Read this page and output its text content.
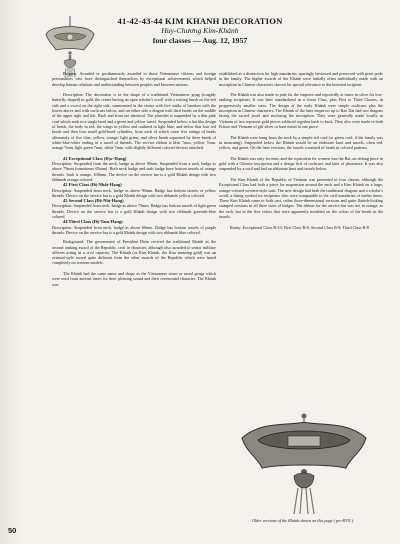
41-42-43-44 KIM KHANH DECORATION
Huy-Chương Kim-Khánh
four classes — Aug. 12, 1957

Purpose: Awarded or posthumously awarded to those Vietnamese citizens and foreign personalities who have distinguished themselves by exceptional achievements which helped develop human relations and understanding between peoples and between nations.

Description: The decoration is in the shape of a traditional Vietnamese gong (roughly butterfly shaped) in gold, the center having an open scholar's scroll with a writing brush on the left side and a sword on the right side, surmounted in the center with five stalks of bamboo with the leaves above and with curlicues below, and on either side a dragon with their heads on the middle of the upper right and left. Back and front are identical. The planchet is suspended by a thin pink cord which ends in a single bead and a green and yellow tassel. Suspended below, a hat like design of beads, the body in red, the wings in yellow and outlined in light blue, and below that four red beads and then four small gold-lined cylinders, from each of which come five strings of beads alternately of five blue, yellow, orange, light green, and silver beads separated by three beads of white-blue-white ending in a tassel of threads. The service ribbon is blue 7mm, yellow 7mm, orange 7mm, light green 7mm, white 7mm, with slightly different colored devices attached.

41 Exceptional Class (Đặc-Hạng)

Description: Suspended from the neck, badge as above 90mm. Suspended from a sash, badge as above 75mm (sometimes 65mm). Both neck badge and sash badge have bottom tassels of orange threads. Sash is orange, 100mm. The device on the service bar is a gold Khánh design with two ribbands orange colored.

42 First Class (Đệ-Nhất-Hạng)

Description: Suspended from neck, badge as above 90mm. Badge has bottom tassels of yellow threads. Device on the service bar is a gold Khánh design with two ribbands yellow colored.

43 Second Class (Đệ-Nhị-Hạng)

Description: Suspended from neck, badge as above 75mm. Badge has bottom tassels of light green threads. Device on the service bar is a gold Khánh design with two ribbands greenish-blue colored.

44 Third Class (Đệ-Tam-Hạng)

Description: Suspended from neck, badge as above 60mm. Badge has bottom tassels of purple threads. Device on the service bar is a gold Khánh design with two ribbands blue colored.

Background: The government of President Diem revived the traditional Khánh as the second ranking award of the Republic, civil in character, although also awarded to senior military officers acting in a civil capacity. The Khánh (or Kim Khánh, the Kim meaning gold) was an oriental-style award quite different from the other awards of the Republic which were based completely on western models.

The Khánh had the same name and shape as the Vietnamese stone or metal gongs which were used from ancient times for their pleasing sound and their ceremonial character. The Khánh was

established as a distinction for high mandarins, sparingly bestowed and preserved with great pride in the family. The higher awards of the Khánh were initially often individually made with an inscription in Chinese characters chosen for special relevance to the honored recipient.

The Khánh was also made in jade for the emperor and reportedly at times in silver for low-ranking recipients. It was later standardized in a Great Class, plus First to Third Classes, in progressively smaller sizes. The design of the early Khánh were simple curlicues plus the inscription in Chinese characters. The Khánh of the later emperors up to Bao Dai had two dragons facing the sacred jewel and enclosing the inscription. They were generally made locally in Vietnam of two repousse gold pieces soldered together back to back. They also were made in both France and Vietnam of gilt silver or base metal in one piece.

The Khánh were hung from the neck by a simple red cord (or green cord, if the family was in mourning). Suspended below the Khánh would be an elaborate knot and tassels, often red, yellow, and green. On the later versions, the tassels consisted of beads in colored patterns.

The Khánh was only for men, and the equivalent for women was the Bai, an oblong piece in gold with a Chinese inscription and a design first of curlicues and later of phoenixes. It was also suspended by a cord and had an elaborate knot and tassels below.

The Kim Khánh of the Republic of Vietnam was presented in four classes, although the Exceptional Class had both a piece for suspension around the neck and a Kim Khánh on a large, orange-colored western-style sash. The new design had both the traditional dragons and a scholar's scroll, a fitting symbol for recipients who were comparable to the civil mandarins of earlier times. These Kim Khánh came in both cast, rather three-dimensional versions and quite flattish-looking stamped versions in all three sizes of badges. The ribbon for the service bar was not in orange, as the sash, but in the five colors that were apparently modeled on the colors of the beads in the tassels.

Rarity: Exceptional Class R-10; First Class R-8; Second Class R-9; Third Class R-8

Older versions of the Khánh shown on this page ( pre-RVN ).
50
